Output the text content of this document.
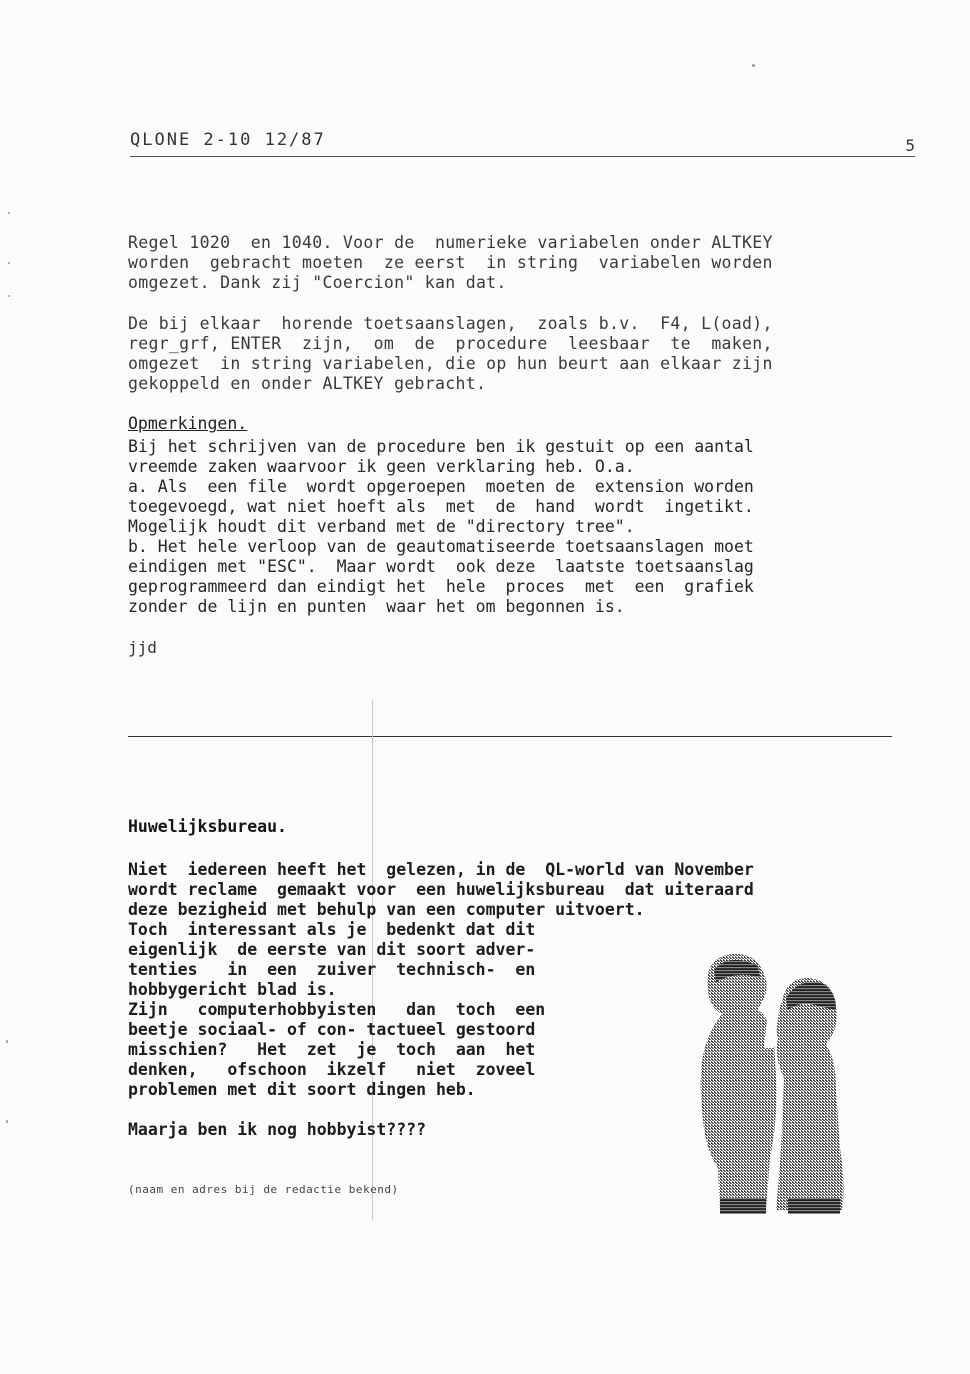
QLONE 2-10 12/87	5
Regel 1020  en 1040. Voor de  numerieke variabelen onder ALTKEY
worden  gebracht moeten  ze eerst  in string  variabelen worden
omgezet. Dank zij "Coercion" kan dat.
De bij elkaar  horende toetsaanslagen,  zoals b.v.  F4, L(oad),
regr_grf, ENTER  zijn,  om  de  procedure  leesbaar  te  maken,
omgezet  in string variabelen, die op hun beurt aan elkaar zijn
gekoppeld en onder ALTKEY gebracht.
Opmerkingen.
Bij het schrijven van de procedure ben ik gestuit op een aantal
vreemde zaken waarvoor ik geen verklaring heb. O.a.
a. Als  een file  wordt opgeroepen  moeten de  extension worden
toegevoegd, wat niet hoeft als  met  de  hand  wordt  ingetikt.
Mogelijk houdt dit verband met de "directory tree".
b. Het hele verloop van de geautomatiseerde toetsaanslagen moet
eindigen met "ESC".  Maar wordt  ook deze  laatste toetsaanslag
geprogrammeerd dan eindigt het  hele  proces  met  een  grafiek
zonder de lijn en punten  waar het om begonnen is.
jjd
Huwelijksbureau.
Niet  iedereen heeft het  gelezen, in de  QL-world van November
wordt reclame  gemaakt voor  een huwelijksbureau  dat uiteraard
deze bezigheid met behulp van een computer uitvoert.
Toch  interessant als je  bedenkt dat dit
eigenlijk  de eerste van dit soort adver-
tenties   in  een  zuiver  technisch-  en
hobbygericht blad is.
Zijn   computerhobbyisten   dan  toch  een
beetje sociaal- of con- tactueel gestoord
misschien?   Het  zet  je  toch  aan  het
denken,   ofschoon  ikzelf   niet  zoveel
problemen met dit soort dingen heb.
Maarja ben ik nog hobbyist????
(naam en adres bij de redactie bekend)
